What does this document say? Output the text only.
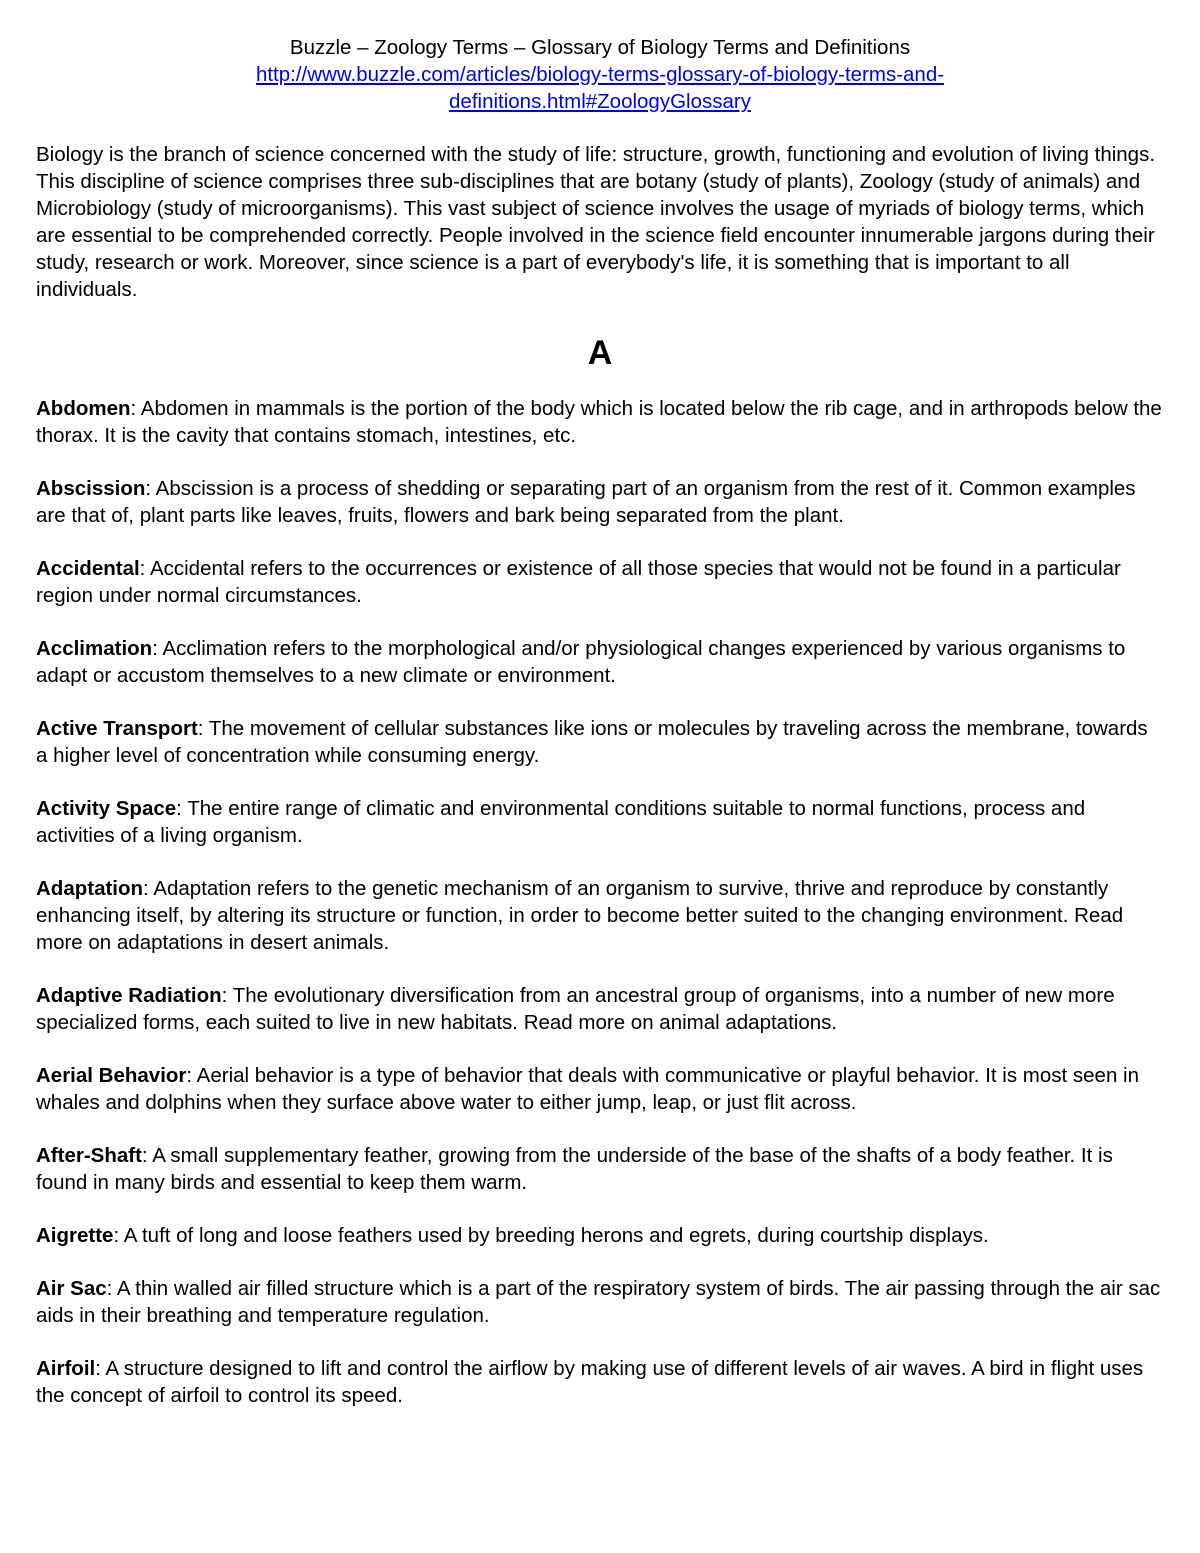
Buzzle – Zoology Terms – Glossary of Biology Terms and Definitions
http://www.buzzle.com/articles/biology-terms-glossary-of-biology-terms-and-
definitions.html#ZoologyGlossary

Biology is the branch of science concerned with the study of life: structure, growth, functioning and evolution of living things. This discipline of science comprises three sub-disciplines that are botany (study of plants), Zoology (study of animals) and Microbiology (study of microorganisms). This vast subject of science involves the usage of myriads of biology terms, which are essential to be comprehended correctly. People involved in the science field encounter innumerable jargons during their study, research or work. Moreover, since science is a part of everybody's life, it is something that is important to all individuals.

A

Abdomen: Abdomen in mammals is the portion of the body which is located below the rib cage, and in arthropods below the thorax. It is the cavity that contains stomach, intestines, etc.

Abscission: Abscission is a process of shedding or separating part of an organism from the rest of it. Common examples are that of, plant parts like leaves, fruits, flowers and bark being separated from the plant.

Accidental: Accidental refers to the occurrences or existence of all those species that would not be found in a particular region under normal circumstances.

Acclimation: Acclimation refers to the morphological and/or physiological changes experienced by various organisms to adapt or accustom themselves to a new climate or environment.

Active Transport: The movement of cellular substances like ions or molecules by traveling across the membrane, towards a higher level of concentration while consuming energy.

Activity Space: The entire range of climatic and environmental conditions suitable to normal functions, process and activities of a living organism.

Adaptation: Adaptation refers to the genetic mechanism of an organism to survive, thrive and reproduce by constantly enhancing itself, by altering its structure or function, in order to become better suited to the changing environment. Read more on adaptations in desert animals.

Adaptive Radiation: The evolutionary diversification from an ancestral group of organisms, into a number of new more specialized forms, each suited to live in new habitats. Read more on animal adaptations.

Aerial Behavior: Aerial behavior is a type of behavior that deals with communicative or playful behavior. It is most seen in whales and dolphins when they surface above water to either jump, leap, or just flit across.

After-Shaft: A small supplementary feather, growing from the underside of the base of the shafts of a body feather. It is found in many birds and essential to keep them warm.

Aigrette: A tuft of long and loose feathers used by breeding herons and egrets, during courtship displays.

Air Sac: A thin walled air filled structure which is a part of the respiratory system of birds. The air passing through the air sac aids in their breathing and temperature regulation.

Airfoil: A structure designed to lift and control the airflow by making use of different levels of air waves. A bird in flight uses the concept of airfoil to control its speed.
